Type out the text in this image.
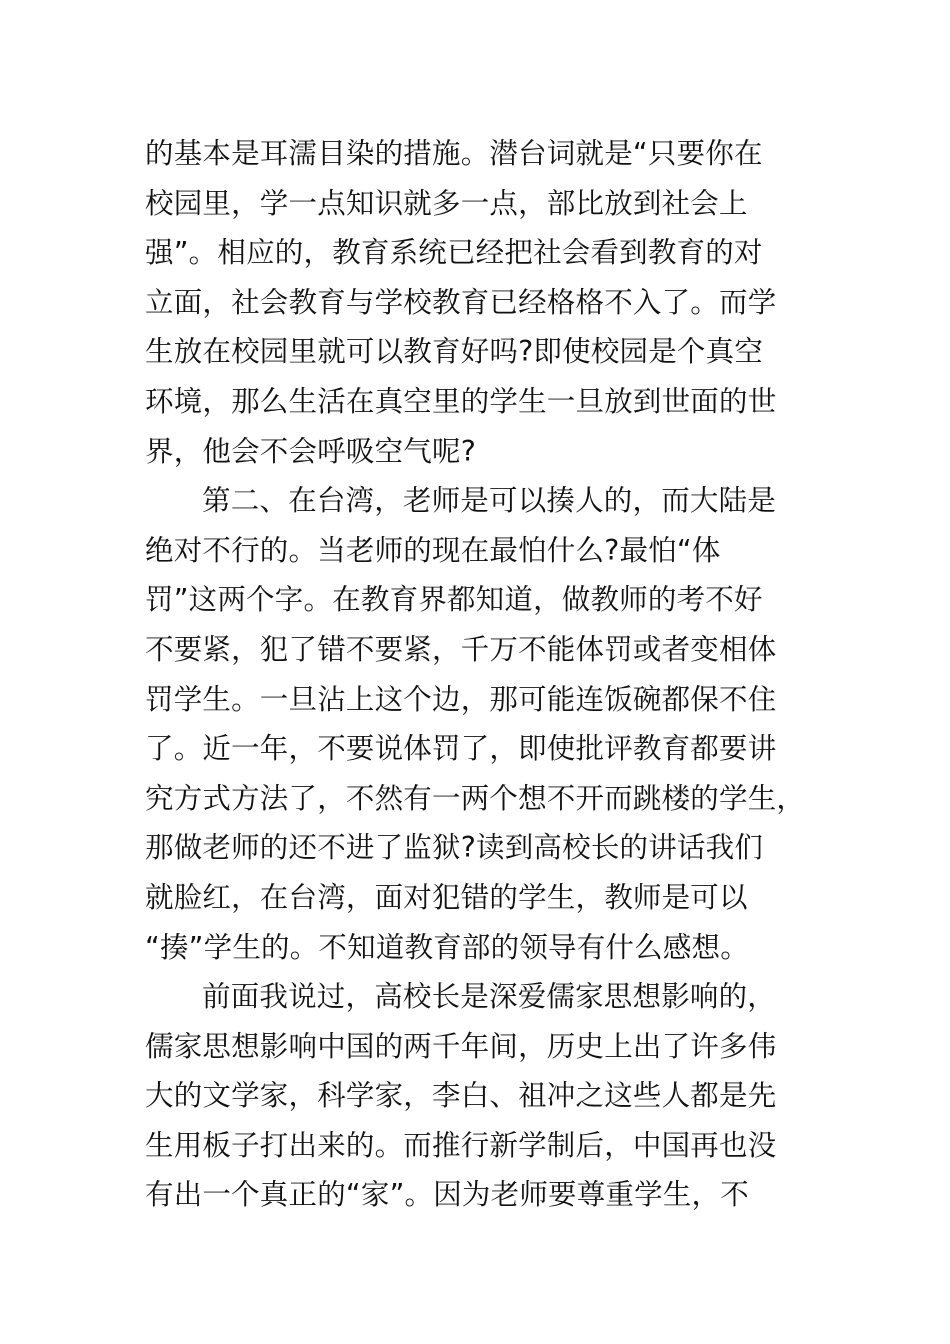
的基本是耳濡目染的措施。潜台词就是“只要你在
校园里，学一点知识就多一点，部比放到社会上
强”。相应的，教育系统已经把社会看到教育的对
立面，社会教育与学校教育已经格格不入了。而学
生放在校园里就可以教育好吗?即使校园是个真空
环境，那么生活在真空里的学生一旦放到世面的世
界，他会不会呼吸空气呢?
第二、在台湾，老师是可以揍人的，而大陆是
绝对不行的。当老师的现在最怕什么?最怕“体
罚”这两个字。在教育界都知道，做教师的考不好
不要紧，犯了错不要紧，千万不能体罚或者变相体
罚学生。一旦沾上这个边，那可能连饭碗都保不住
了。近一年，不要说体罚了，即使批评教育都要讲
究方式方法了，不然有一两个想不开而跳楼的学生，
那做老师的还不进了监狱?读到高校长的讲话我们
就脸红，在台湾，面对犯错的学生，教师是可以
“揍”学生的。不知道教育部的领导有什么感想。
前面我说过，高校长是深爱儒家思想影响的，
儒家思想影响中国的两千年间，历史上出了许多伟
大的文学家，科学家，李白、祖冲之这些人都是先
生用板子打出来的。而推行新学制后，中国再也没
有出一个真正的“家”。因为老师要尊重学生，不
